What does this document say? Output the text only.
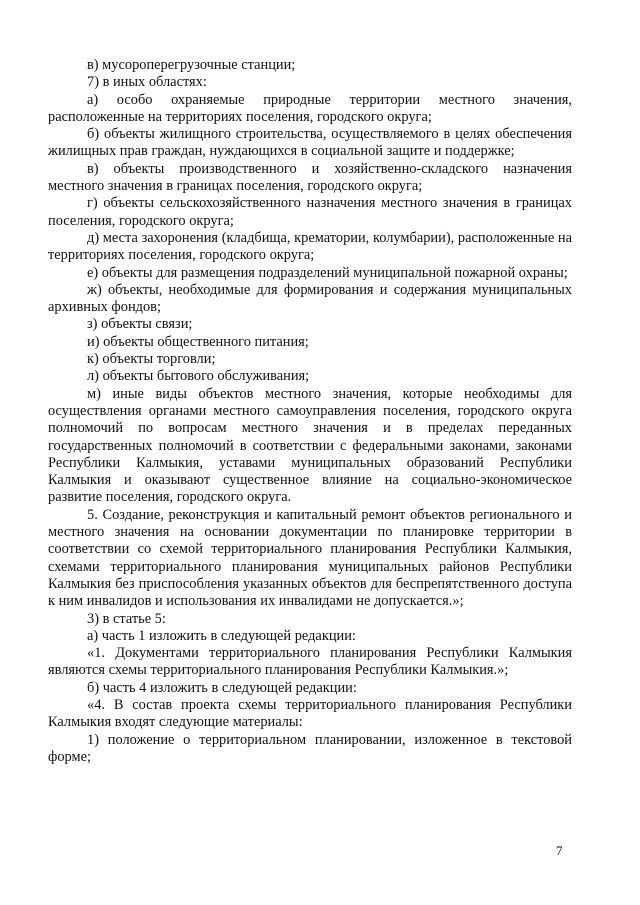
в) мусороперегрузочные станции;

7) в иных областях:

а) особо охраняемые природные территории местного значения, расположенные на территориях поселения, городского округа;

б) объекты жилищного строительства, осуществляемого в целях обеспечения жилищных прав граждан, нуждающихся в социальной защите и поддержке;

в) объекты производственного и хозяйственно-складского назначения местного значения в границах поселения, городского округа;

г) объекты сельскохозяйственного назначения местного значения в границах поселения, городского округа;

д) места захоронения (кладбища, крематории, колумбарии), расположенные на территориях поселения, городского округа;

е) объекты для размещения подразделений муниципальной пожарной охраны;

ж) объекты, необходимые для формирования и содержания муниципальных архивных фондов;

з) объекты связи;

и) объекты общественного питания;

к) объекты торговли;

л) объекты бытового обслуживания;

м) иные виды объектов местного значения, которые необходимы для осуществления органами местного самоуправления поселения, городского округа полномочий по вопросам местного значения и в пределах переданных государственных полномочий в соответствии с федеральными законами, законами Республики Калмыкия, уставами муниципальных образований Республики Калмыкия и оказывают существенное влияние на социально-экономическое развитие поселения, городского округа.

5. Создание, реконструкция и капитальный ремонт объектов регионального и местного значения на основании документации по планировке территории в соответствии со схемой территориального планирования Республики Калмыкия, схемами территориального планирования муниципальных районов Республики Калмыкия без приспособления указанных объектов для беспрепятственного доступа к ним инвалидов и использования их инвалидами не допускается.»;

3) в статье 5:

а) часть 1 изложить в следующей редакции:

«1. Документами территориального планирования Республики Калмыкия являются схемы территориального планирования Республики Калмыкия.»;

б) часть 4 изложить в следующей редакции:

«4. В состав проекта схемы территориального планирования Республики Калмыкия входят следующие материалы:

1) положение о территориальном планировании, изложенное в текстовой форме;

7
